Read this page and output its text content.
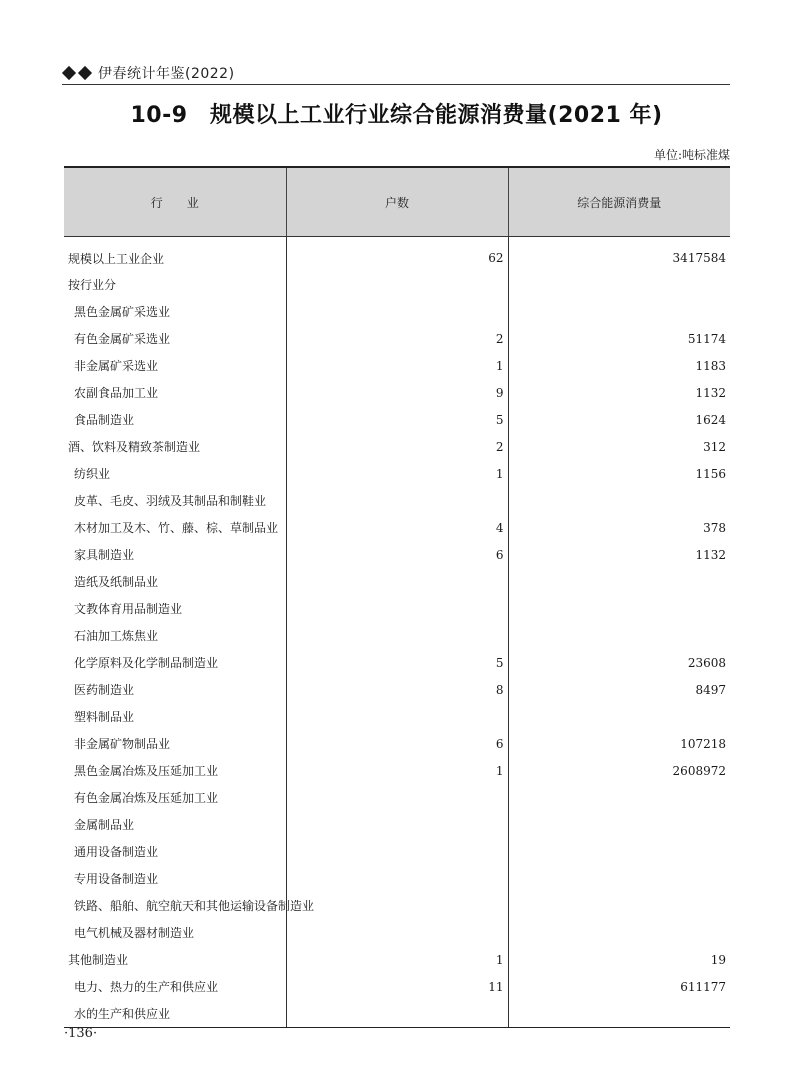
伊春统计年鉴(2022)
10-9　规模以上工业行业综合能源消费量(2021 年)
单位:吨标准煤
行　　业	户数	综合能源消费量
规模以上工业企业	62	3417584
按行业分		
黑色金属矿采选业		
有色金属矿采选业	2	51174
非金属矿采选业	1	1183
农副食品加工业	9	1132
食品制造业	5	1624
酒、饮料及精致茶制造业	2	312
纺织业	1	1156
皮革、毛皮、羽绒及其制品和制鞋业		
木材加工及木、竹、藤、棕、草制品业	4	378
家具制造业	6	1132
造纸及纸制品业		
文教体育用品制造业		
石油加工炼焦业		
化学原料及化学制品制造业	5	23608
医药制造业	8	8497
塑料制品业		
非金属矿物制品业	6	107218
黑色金属冶炼及压延加工业	1	2608972
有色金属冶炼及压延加工业		
金属制品业		
通用设备制造业		
专用设备制造业		
铁路、船舶、航空航天和其他运输设备制造业		
电气机械及器材制造业		
其他制造业	1	19
电力、热力的生产和供应业	11	611177
水的生产和供应业		
·136·
